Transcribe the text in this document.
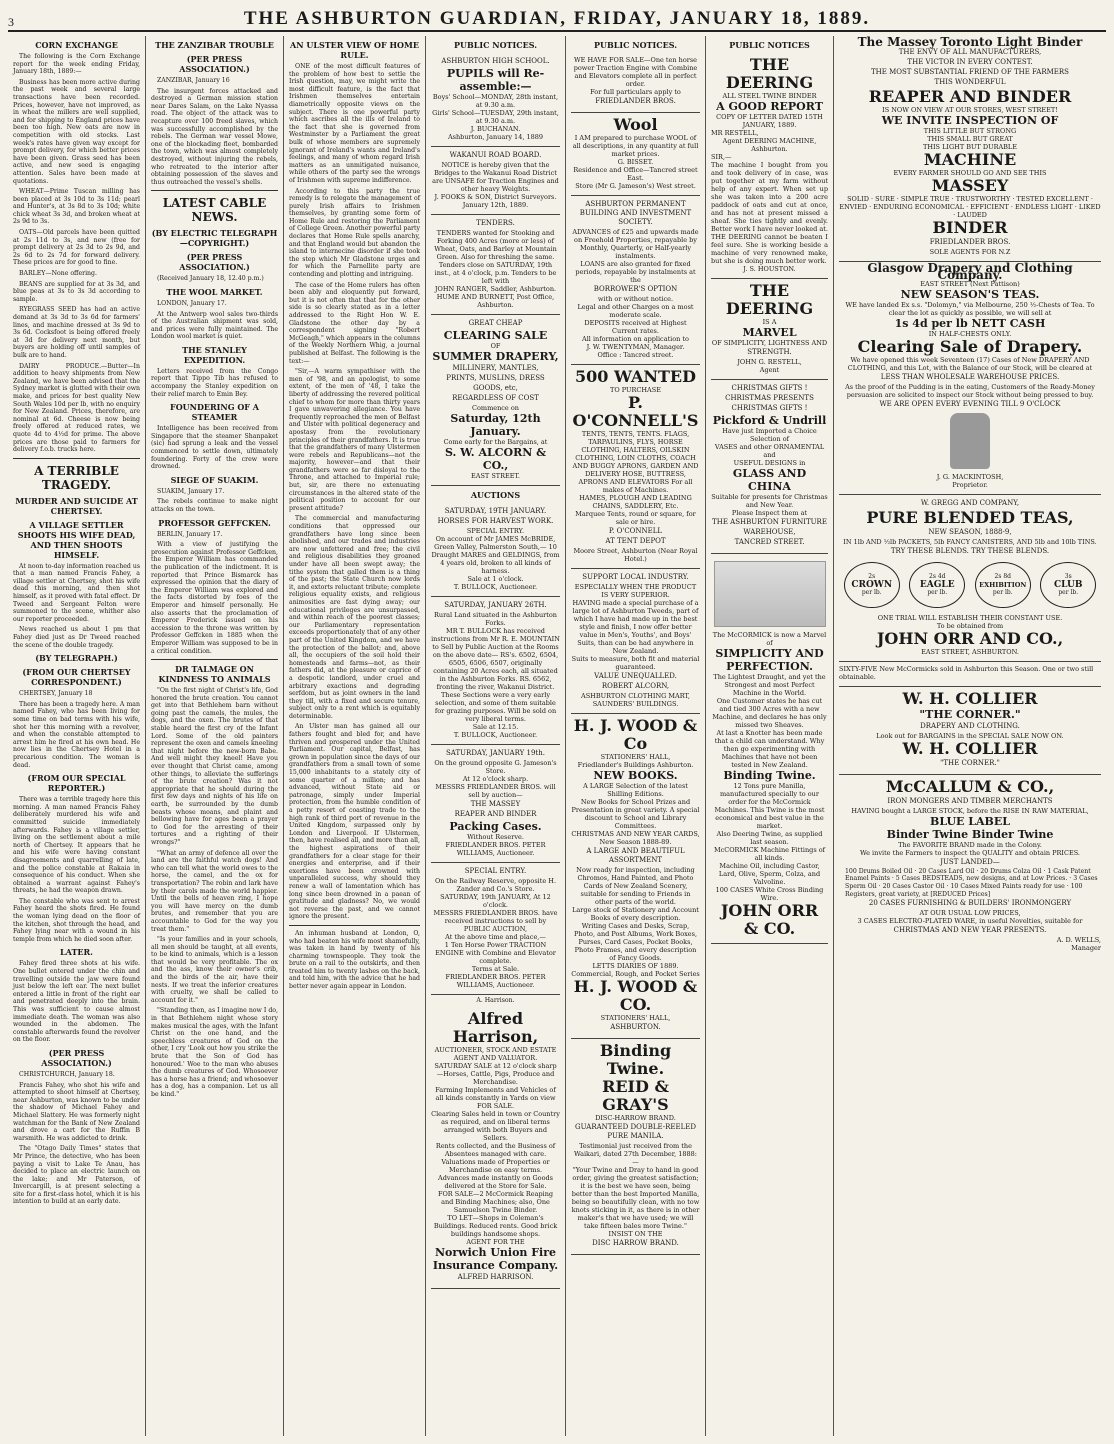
3	THE ASHBURTON GUARDIAN, FRIDAY, JANUARY 18, 1889.
CORN EXCHANGE

The following is the Corn Exchange report for the week ending Friday, January 18th, 1889:—

Business has been more active during the past week and several large transactions have been recorded. Prices, however, have not improved, as in wheat the millers are well supplied, and for shipping to England prices have been too high. New oats are now in competition with old stocks. Last week's rates have given way except for prompt delivery, for which better prices have been given. Grass seed has been active, and new seed is engaging attention. Sales have been made at quotations.

WHEAT—Prime Tuscan milling has been placed at 3s 10d to 3s 11d; pearl and Hunter's, at 3s 8d to 3s 10d; white chick wheat 3s 3d, and broken wheat at 2s 9d to 3s.

OATS—Old parcels have been quitted at 2s 11d to 3s, and new (free for prompt delivery at 2s 3d to 2s 9d, and 2s 6d to 2s 7d for forward delivery. These prices are for good to fine.

BARLEY—None offering.

BEANS are supplied for at 3s 3d, and blue peas at 3s to 3s 3d according to sample.

RYEGRASS SEED has had an active demand at 3s 3d to 3s 6d for farmers' lines, and machine dressed at 3s 9d to 3s 6d. Cocksfoot is being offered freely at 3d for delivery next month, but buyers are holding off until samples of bulk are to hand.

DAIRY PRODUCE.—Butter—In addition to heavy shipments from New Zealand, we have been advised that the Sydney market is glutted with their own make, and prices for best quality New South Wales 10d per lb, with no enquiry for New Zealand. Prices, therefore, are nominal at 6d. Cheese is now being freely offered at reduced rates, we quote 4d to 4½d for prime. The above prices are those paid to farmers for delivery f.o.b. trucks here.

A TERRIBLE TRAGEDY.
MURDER AND SUICIDE AT CHERTSEY.
A VILLAGE SETTLER SHOOTS HIS WIFE DEAD, AND THEN SHOOTS HIMSELF.

At noon to-day information reached us that a man named Francis Fahey, a village settler at Chertsey, shot his wife dead this morning, and then shot himself, as it proved with fatal effect. Dr Tweed and Sergeant Felton were summoned to the scene, whither also our reporter proceeded.

News reached us about 1 pm that Fahey died just as Dr Tweed reached the scene of the double tragedy.

(BY TELEGRAPH.)
(FROM OUR CHERTSEY CORRESPONDENT.)

CHERTSEY, January 18

There has been a tragedy here. A man named Fahey, who has been living for some time on bad terms with his wife, shot her this morning with a revolver, and when the constable attempted to arrest him he fired at his own head. He now lies in the Chertsey Hotel in a precarious condition. The woman is dead.

(FROM OUR SPECIAL REPORTER.)

There was a terrible tragedy here this morning. A man named Francis Fahey deliberately murdered his wife and committed suicide immediately afterwards. Fahey is a village settler, living on the settlement about a mile north of Chertsey. It appears that he and his wife were having constant disagreements and quarrelling of late, and the police constable at Rakaia in consequence of his conduct. When she obtained a warrant against Fahey's threats, he had the weapon drawn.

The constable who was sent to arrest Fahey heard the shots fired. He found the woman lying dead on the floor of the kitchen, shot through the head, and Fahey lying near with a wound in his temple from which he died soon after.

LATER.

Fahey fired three shots at his wife. One bullet entered under the chin and travelling outside the jaw were found just below the left ear. The next bullet entered a little in front of the right ear and penetrated deeply into the brain. This was sufficient to cause almost immediate death. The woman was also wounded in the abdomen. The constable afterwards found the revolver on the floor.

(PER PRESS ASSOCIATION.)

CHRISTCHURCH, January 18.

Francis Fahey, who shot his wife and attempted to shoot himself at Chertsey, near Ashburton, was known to be under the shadow of Michael Fahey and Michael Slattery. He was formerly night watchman for the Bank of New Zealand and drove a cart for the Ruffin B warsmith. He was addicted to drink.

The "Otago Daily Times" states that Mr Prince, the detective, who has been paying a visit to Lake Te Anau, has decided to place an electric launch on the lake; and Mr Paterson, of Invercargill, is at present selecting a site for a first-class hotel, which it is his intention to build at an early date.

THE ZANZIBAR TROUBLE
(PER PRESS ASSOCIATION.)

ZANZIBAR, January 16

The insurgent forces attacked and destroyed a German mission station near Dares Salam, on the Lake Nyassa road. The object of the attack was to recapture over 100 freed slaves, which was successfully accomplished by the rebels. The German war vessel Mowe, one of the blockading fleet, bombarded the town, which was almost completely destroyed, without injuring the rebels, who retreated to the interior after obtaining possession of the slaves and thus outreached the vessel's shells.

LATEST CABLE NEWS.
(BY ELECTRIC TELEGRAPH—COPYRIGHT.)
(PER PRESS ASSOCIATION.)

(Received January 18, 12.40 p.m.)

THE WOOL MARKET.

LONDON, January 17.

At the Antwerp wool sales two-thirds of the Australian shipment was sold, and prices were fully maintained. The London wool market is quiet.

THE STANLEY EXPEDITION.

Letters received from the Congo report that Tippo Tib has refused to accompany the Stanley expedition on their relief march to Emin Bey.

FOUNDERING OF A STEAMER

Intelligence has been received from Singapore that the steamer Shanpaket (sic) had sprung a leak and the vessel commenced to settle down, ultimately foundering. Forty of the crew were drowned.

SIEGE OF SUAKIM.

SUAKIM, January 17.

The rebels continue to make night attacks on the town.

PROFESSOR GEFFCKEN.

BERLIN, January 17.

With a view of justifying the prosecution against Professor Geffcken, the Emperor William has commanded the publication of the indictment. It is reported that Prince Bismarck has expressed the opinion that the diary of the Emperor William was explored and the facts distorted by foes of the Emperor and himself personally. He also asserts that the proclamation of Emperor Frederick issued on his accession to the throne was written by Professor Geffcken in 1885 when the Emperor William was supposed to be in a critical condition.

DR TALMAGE ON KINDNESS TO ANIMALS

"On the first night of Christ's life, God honored the brute creation. You cannot get into that Bethlehem barn without going past the camels, the mules, the dogs, and the oxen. The brutes of that stable heard the first cry of the Infant Lord. Some of the old painters represent the oxen and camels kneeling that night before the new-born Babe. And well might they kneel! Have you ever thought that Christ came, among other things, to alleviate the sufferings of the brute creation? Was it not appropriate that he should during the first few days and nights of his life on earth, be surrounded by the dumb beasts whose moans, and plaint and bellowing have for ages been a prayer to God for the arresting of their tortures and a righting of their wrongs?"

"What an army of defence all over the land are the faithful watch dogs! And who can tell what the world owes to the horse, the camel, and the ox for transportation? The robin and lark have by their carols made the world happier. Until the bells of heaven ring, I hope you will have mercy on the dumb brutes, and remember that you are accountable to God for the way you treat them."

"Is your families and in your schools, all men should be taught, at all events, to be kind to animals, which is a lesson that would be very profitable. The ox and the ass, know their owner's crib, and the birds of the air, have their nests. If we treat the inferior creatures with cruelty, we shall be called to account for it."

"Standing then, as I imagine now I do, in that Bethlehem night whose story makes musical the ages, with the Infant Christ on the one hand, and the speechless creatures of God on the other, I cry 'Look out how you strike the brute that the Son of God has honoured.' Woe to the man who abuses the dumb creatures of God. Whosoever has a horse has a friend; and whosoever has a dog, has a companion. Let us all be kind."

AN ULSTER VIEW OF HOME RULE.

ONE of the most difficult features of the problem of how best to settle the Irish question, may, we might write the most difficult feature, is the fact that Irishmen themselves entertain diametrically opposite views on the subject. There is one powerful party which ascribes all the ills of Ireland to the fact that she is governed from Westminster by a Parliament the great bulk of whose members are supremely ignorant of Ireland's wants and Ireland's feelings, and many of whom regard Irish matters as an unmitigated nuisance, while others of the party see the wrongs of Irishmen with supreme indifference.

According to this party the true remedy is to relegate the management of purely Irish affairs to Irishmen themselves, by granting some form of Home Rule and restoring the Parliament of College Green. Another powerful party declares that Home Rule spells anarchy, and that England would but abandon the island to internecine disorder if she took the step which Mr Gladstone urges and for which the Parnellite party are contending and plotting and intriguing.

The case of the Home rulers has often been ably and eloquently put forward, but it is not often that that for the other side is so clearly stated as in a letter addressed to the Right Hon W. E. Gladstone the other day by a correspondent signing "Robert McGeagh," which appears in the columns of the Weekly Northern Whig, a journal published at Belfast. The following is the text:—

"Sir,—A warm sympathiser with the men of '98, and an apologist, to some extent, of the men of '48, I take the liberty of addressing the revered political chief to whom for more than thirty years I gave unwavering allegiance. You have frequently reproached the men of Belfast and Ulster with political degeneracy and apostasy from the revolutionary principles of their grandfathers. It is true that the grandfathers of many Ulstermen were rebels and Republicans—not the majority, however—and that their grandfathers were so far disloyal to the Throne, and attached to Imperial rule; but, sir, are there no extenuating circumstances in the altered state of the political position to account for our present attitude?

The commercial and manufacturing conditions that oppressed our grandfathers have long since been abolished, and our trades and industries are now unfettered and free; the civil and religious disabilities they groaned under have all been swept away; the tithe system that galled them is a thing of the past; the State Church now lords it, and extorts reluctant tribute; complete religious equality exists, and religious animosities are fast dying away; our educational privileges are unsurpassed, and within reach of the poorest classes; our Parliamentary representation exceeds proportionately that of any other part of the United Kingdom, and we have the protection of the ballot; and, above all, the occupiers of the soil hold their homesteads and farms—not, as their fathers did, at the pleasure or caprice of a despotic landlord, under cruel and arbitrary exactions and degrading serfdom, but as joint owners in the land they till, with a fixed and secure tenure, subject only to a rent which is equitably determinable.

An Ulster man has gained all our fathers fought and bled for, and have thriven and prospered under the United Parliament. Our capital, Belfast, has grown in population since the days of our grandfathers from a small town of some 15,000 inhabitants to a stately city of some quarter of a million; and has advanced, without State aid or patronage, simply under Imperial protection, from the humble condition of a petty resort of coasting trade to the high rank of third port of revenue in the United Kingdom, surpassed only by London and Liverpool. If Ulstermen, then, have realised all, and more than all, the highest aspirations of their grandfathers for a clear stage for their energies and enterprise, and if their exertions have been crowned with unparalleled success, why should they renew a wall of lamentation which has long since been drowned in a paean of gratitude and gladness? No, we would not reverse the past, and we cannot ignore the present.

An inhuman husband at London, O, who had beaten his wife most shamefully, was taken in hand by twenty of his charming townspeople. They took the brute on a rail to the outskirts, and then treated him to twenty lashes on the back, and told him, with the advice that he had better never again appear in London.

PUBLIC NOTICES.
ASHBURTON HIGH SCHOOL.
PUPILS will Re-assemble:—
Boys' School—MONDAY, 28th instant, at 9.30 a.m.
Girls' School—TUESDAY, 29th instant, at 9.30 a.m.
J. BUCHANAN.
Ashburton, January 14, 1889
WAKANUI ROAD BOARD.
NOTICE is hereby given that the Bridges to the Wakanui Road District are UNSAFE for Traction Engines and other heavy Weights.
J. FOOKS & SON, District Surveyors.
January 12th, 1889.
TENDERS.
TENDERS wanted for Stooking and Forking 400 Acres (more or less) of Wheat, Oats, and Barley at Mountain Green. Also for threshing the same. Tenders close on SATURDAY, 19th inst., at 4 o'clock, p.m. Tenders to be left with
JOHN RANGER, Saddler, Ashburton.
HUME AND BURNETT, Post Office, Ashburton.
GREAT CHEAP
CLEARING SALE
OF
SUMMER DRAPERY,
MILLINERY, MANTLES,
PRINTS, MUSLINS, DRESS
GOODS, etc,
REGARDLESS OF COST
Commence on
Saturday, 12th January.
Come early for the Bargains, at
S. W. ALCORN & CO.,
EAST STREET.
AUCTIONS
SATURDAY, 19TH JANUARY.
HORSES FOR HARVEST WORK.
SPECIAL ENTRY.
On account of Mr JAMES McBRIDE, Green Valley, Palmerston South,— 10 Draught MARES and GELDINGS, from 4 years old, broken to all kinds of harness.
Sale at 1 o'clock.
T. BULLOCK, Auctioneer.
SATURDAY, JANUARY 26TH.
Rural Land situated in the Ashburton Forks.
MR T. BULLOCK has received instructions from Mr R. E. MOUNTAIN to Sell by Public Auction at the Rooms on the above date— RS's. 6502, 6504, 6505, 6506, 6507, originally containing 20 Acres each, all situated in the Ashburton Forks. RS. 6562, fronting the river, Wakanui District. These Sections were a very early selection, and some of them suitable for grazing purposes. Will be sold on very liberal terms.
Sale at 12.15.
T. BULLOCK, Auctioneer.
SATURDAY, JANUARY 19th.
On the ground opposite G. Jameson's Store.
At 12 o'clock sharp.
MESSRS FRIEDLANDER BROS. will sell by auction—
THE MASSEY
REAPER AND BINDER
Packing Cases.
Without Reserve.
FRIEDLANDER BROS. PETER WILLIAMS, Auctioneer.
SPECIAL ENTRY.
On the Railway Reserve, opposite H. Zander and Co.'s Store.
SATURDAY, 19th JANUARY, At 12 o'clock.
MESSRS FRIEDLANDER BROS. have received instructions to sell by PUBLIC AUCTION,
At the above time and place,—
1 Ten Horse Power TRACTION ENGINE with Combine and Elevator complete.
Terms at Sale.
FRIEDLANDER BROS. PETER WILLIAMS, Auctioneer.
A. Harrison.
Alfred Harrison,
AUCTIONEER, STOCK AND ESTATE AGENT AND VALUATOR.
SATURDAY SALE at 12 o'clock sharp —Horses, Cattle, Pigs, Produce and Merchandise.
Farming Implements and Vehicles of all kinds constantly in Yards on view FOR SALE.
Clearing Sales held in town or Country as required, and on liberal terms arranged with both Buyers and Sellers.
Rents collected, and the Business of Absentees managed with care.
Valuations made of Properties or Merchandise on easy terms.
Advances made instantly on Goods delivered at the Store for Sale.
FOR SALE—2 McCormick Reaping and Binding Machines; also, One Samuelson Twine Binder.
TO LET—Shops in Coleman's Buildings. Reduced rents. Good brick buildings handsome shops.
AGENT FOR THE
Norwich Union Fire Insurance Company.
ALFRED HARRISON.
PUBLIC NOTICES.
WE HAVE FOR SALE—One ten horse power Traction Engine with Combine and Elevators complete all in perfect order.
For full particulars apply to
FRIEDLANDER BROS.
Wool
I AM prepared to purchase WOOL of all descriptions, in any quantity at full market prices.
G. BISSET.
Residence and Office—Tancred street East.
Store (Mr G. Jameson's) West street.
ASHBURTON PERMANENT BUILDING AND INVESTMENT SOCIETY.
ADVANCES of £25 and upwards made on Freehold Properties, repayable by Monthly, Quarterly, or Half-yearly instalments.
LOANS are also granted for fixed periods, repayable by instalments at the
BORROWER'S OPTION
with or without notice.
Legal and other Charges on a most moderate scale.
DEPOSITS received at Highest Current rates.
All information on application to
J. W. TWENTYMAN, Manager.
Office : Tancred street.
500 WANTED
TO PURCHASE
P. O'CONNELL'S
TENTS, TENTS, TENTS. FLAGS, TARPAULINS, FLYS, HORSE CLOTHING, HALTERS, OILSKIN CLOTHING, LOIN CLOTHS, COACH AND BUGGY APRONS, GARDEN AND DELIVERY HOSE, BUTTRESS, APRONS AND ELEVATORS For all makes of Machines.
HAMES, PLOUGH AND LEADING CHAINS, SADDLERY, Etc.
Marquee Tents, round or square, for sale or hire.
P. O'CONNELL
AT TENT DEPOT
Moore Street, Ashburton (Near Royal Hotel.)
SUPPORT LOCAL INDUSTRY.
ESPECIALLY WHEN THE PRODUCT IS VERY SUPERIOR.
HAVING made a special purchase of a large lot of Ashburton Tweeds, part of which I have had made up in the best style and finish, I now offer better value in Men's, Youths', and Boys' Suits, than can be had anywhere in New Zealand.
Suits to measure, both fit and material guaranteed.
VALUE UNEQUALLED.
ROBERT ALCORN,
ASHBURTON CLOTHING MART,
SAUNDERS' BUILDINGS.
H. J. WOOD & Co
STATIONERS' HALL,
Friedlander's Buildings Ashburton.
NEW BOOKS.
A LARGE Selection of the latest Shilling Editions.
New Books for School Prizes and Presentation in great variety. A special discount to School and Library Committees.
CHRISTMAS AND NEW YEAR CARDS, New Season 1888-89.
A LARGE AND BEAUTIFUL ASSORTMENT
Now ready for inspection, including Chromos, Hand Painted, and Photo Cards of New Zealand Scenery, suitable for sending to Friends in other parts of the world.
Large stock of Stationery and Account Books of every description.
Writing Cases and Desks, Scrap, Photo, and Post Albums, Work Boxes, Purses, Card Cases, Pocket Books, Photo Frames, and every description of Fancy Goods.
LETTS DIARIES OF 1889. Commercial, Rough, and Pocket Series
H. J. WOOD & CO.
STATIONERS' HALL,
ASHBURTON.
Binding Twine.
REID & GRAY'S
DISC-HARROW BRAND.
GUARANTEED DOUBLE-REELED PURE MANILA.
Testimonial just received from the Waikari, dated 27th December, 1888:—
"Your Twine and Dray to hand in good order, giving the greatest satisfaction; it is the best we have seen, being better than the best Imported Manilla, being so beautifully clean, with no tow knots sticking in it, as there is in other maker's that we have used; we will take fifteen bales more Twine."
INSIST ON THE
DISC HARROW BRAND.
PUBLIC NOTICES
THE DEERING
ALL STEEL TWINE BINDER
A GOOD REPORT
COPY OF LETTER DATED 15TH JANUARY, 1889.
MR RESTELL,
Agent DEERING MACHINE, Ashburton.
SIR,—
The machine I bought from you and took delivery of in case, was put together at my farm without help of any expert. When set up she was taken into a 200 acre paddock of oats and cut at once, and has not at present missed a sheaf. She ties tightly and evenly. Better work I have never looked at.
THE DEERING cannot be beaten I feel sure. She is working beside a machine of very renowned make, but she is doing much better work.
J. S. HOUSTON.
THE DEERING
IS A
MARVEL
OF SIMPLICITY, LIGHTNESS AND
STRENGTH.
JOHN G. RESTELL,
Agent
CHRISTMAS GIFTS !
CHRISTMAS PRESENTS
CHRISTMAS GIFTS !
Pickford & Undrill
Have just Imported a Choice Selection of
VASES and other ORNAMENTAL and
USEFUL DESIGNS in
GLASS AND CHINA
Suitable for presents for Christmas and New Year.
Please Inspect them at
THE ASHBURTON FURNITURE
WAREHOUSE,
TANCRED STREET.
The McCORMICK is now a Marvel of
SIMPLICITY AND
PERFECTION.
The Lightest Draught, and yet the Strongest and most Perfect Machine in the World.
One Customer states he has cut and tied 300 Acres with a new Machine, and declares he has only missed two Sheaves.
At last a Knotter has been made that a child can understand. Why then go experimenting with Machines that have not been tested in New Zealand.
Binding Twine.
12 Tons pure Manilla, manufactured specially to our order for the McCormick Machines. This Twine is the most economical and best value in the market.
Also Deering Twine, as supplied last season.
McCORMICK Machine Fittings of all kinds.
Machine Oil, including Castor, Lard, Olive, Sperm, Colza, and Valvoline.
100 CASES White Cross Binding Wire.
JOHN ORR & CO.
The Massey Toronto Light Binder
THE ENVY OF ALL MANUFACTURERS,
THE VICTOR IN EVERY CONTEST.
THE MOST SUBSTANTIAL FRIEND OF THE FARMERS
THIS WONDERFUL
REAPER AND BINDER
IS NOW ON VIEW AT OUR STORES, WEST STREET!
WE INVITE INSPECTION OF
THIS LITTLE BUT STRONG
THIS SMALL BUT GREAT
THIS LIGHT BUT DURABLE
MACHINE
EVERY FARMER SHOULD GO AND SEE THIS
MASSEY
SOLID · SURE · SIMPLE TRUE · TRUSTWORTHY · TESTED EXCELLENT · ENVIED · ENDURING ECONOMICAL · EFFICIENT · ENDLESS LIGHT · LIKED · LAUDED
BINDER
FRIEDLANDER BROS.
SOLE AGENTS FOR N.Z
Glasgow Drapery and Clothing Company.
EAST STREET (Next Pattison)
NEW SEASON'S TEAS.
WE have landed Ex s.s. "Dolomyn," via Melbourne, 250 ½-Chests of Tea. To clear the lot as quickly as possible, we will sell at
1s 4d per lb NETT CASH
IN HALF-CHESTS ONLY.
Clearing Sale of Drapery.
We have opened this week Seventeen (17) Cases of New DRAPERY AND CLOTHING, and this Lot, with the Balance of our Stock, will be cleared at
LESS THAN WHOLESALE WAREHOUSE PRICES.
As the proof of the Pudding is in the eating, Customers of the Ready-Money persuasion are solicited to inspect our Stock without being pressed to buy.
WE ARE OPEN EVERY EVENING TILL 9 O'CLOCK
J. G. MACKINTOSH,
Proprietor.
W. GREGG AND COMPANY,
PURE BLENDED TEAS,
NEW SEASON, 1888-9,
IN 1lb AND ½lb PACKETS, 5lb FANCY CANISTERS, AND 5lb and 10lb TINS.
TRY THESE BLENDS. TRY THESE BLENDS.
2s
CROWN
per lb.
2s 4d
EAGLE
per lb.
2s 8d
EXHIBITION
per lb.
3s
CLUB
per lb.
ONE TRIAL WILL ESTABLISH THEIR CONSTANT USE.
To be obtained from
JOHN ORR AND CO.,
EAST STREET, ASHBURTON.
SIXTY-FIVE New McCormicks sold in Ashburton this Season. One or two still obtainable.
W. H. COLLIER
"THE CORNER."
DRAPERY AND CLOTHING.
Look out for BARGAINS in the SPECIAL SALE NOW ON.
W. H. COLLIER
"THE CORNER."
McCALLUM & CO.,
IRON MONGERS AND TIMBER MERCHANTS
HAVING bought a LARGE STOCK, before the RISE IN RAW MATERIAL,
BLUE LABEL
Binder Twine Binder Twine
The FAVORITE BRAND made in the Colony.
We invite the Farmers to inspect the QUALITY and obtain PRICES.
JUST LANDED—
100 Drums Boiled Oil · 20 Cases Lard Oil · 20 Drums Colza Oil · 1 Cask Patent Enamel Paints · 5 Cases BEDSTEADS, new designs, and at Low Prices. · 3 Cases Sperm Oil · 20 Cases Castor Oil · 10 Cases Mixed Paints ready for use · 100 Registers, great variety, at [REDUCED Prices]
20 CASES FURNISHING & BUILDERS' IRONMONGERY
AT OUR USUAL LOW PRICES,
3 CASES ELECTRO-PLATED WARE, in useful Novelties, suitable for
CHRISTMAS AND NEW YEAR PRESENTS.
A. D. WELLS,
Manager
